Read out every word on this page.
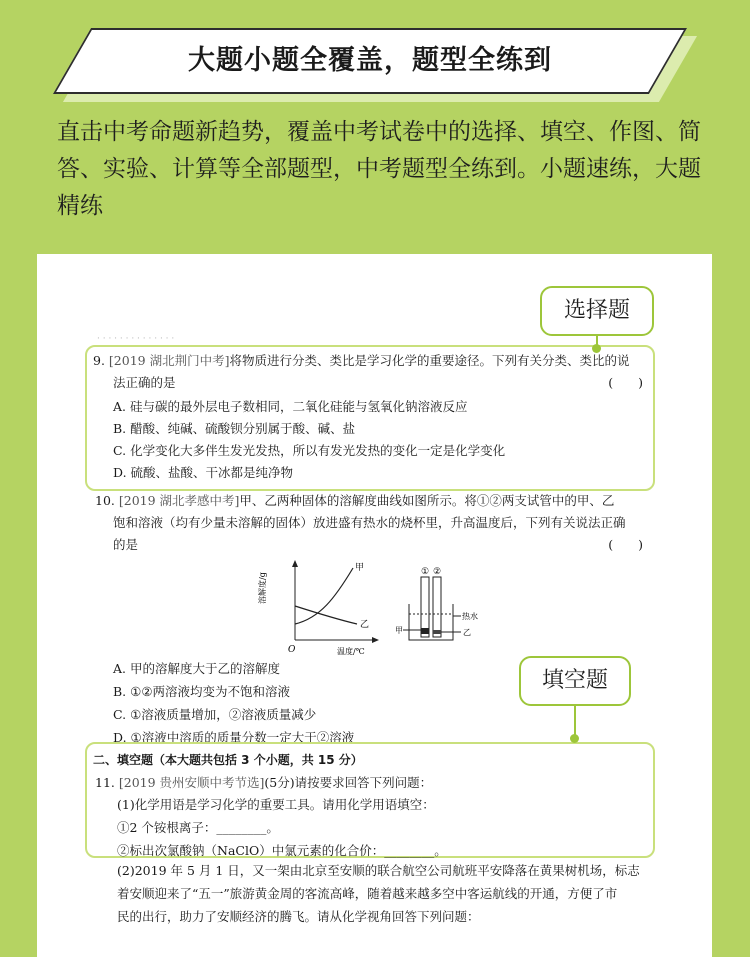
大题小题全覆盖，题型全练到
直击中考命题新趋势，覆盖中考试卷中的选择、填空、作图、简答、实验、计算等全部题型，中考题型全练到。小题速练，大题精练
· · · · · · · · · · · · · ·
9. [2019 湖北荆门中考]将物质进行分类、类比是学习化学的重要途径。下列有关分类、类比的说
法正确的是	(　　)
A. 硅与碳的最外层电子数相同，二氧化硅能与氢氧化钠溶液反应
B. 醋酸、纯碱、硫酸钡分别属于酸、碱、盐
C. 化学变化大多伴生发光发热，所以有发光发热的变化一定是化学变化
D. 硫酸、盐酸、干冰都是纯净物
10. [2019 湖北孝感中考]甲、乙两种固体的溶解度曲线如图所示。将①②两支试管中的甲、乙
饱和溶液（均有少量未溶解的固体）放进盛有热水的烧杯里，升高温度后，下列有关说法正确
的是	(　　)
溶解度/g
甲
乙
O	温度/℃
① ②
热水
甲	乙
A. 甲的溶解度大于乙的溶解度
B. ①②两溶液均变为不饱和溶液
C. ①溶液质量增加，②溶液质量减少
D. ①溶液中溶质的质量分数一定大于②溶液
二、填空题（本大题共包括 3 个小题，共 15 分）
11. [2019 贵州安顺中考节选](5分)请按要求回答下列问题：
(1)化学用语是学习化学的重要工具。请用化学用语填空：
①2 个铵根离子：________。
②标出次氯酸钠（NaClO）中氯元素的化合价：________。
(2)2019 年 5 月 1 日，又一架由北京至安顺的联合航空公司航班平安降落在黄果树机场，标志
着安顺迎来了“五一”旅游黄金周的客流高峰，随着越来越多空中客运航线的开通，方便了市
民的出行，助力了安顺经济的腾飞。请从化学视角回答下列问题：
选择题
填空题
